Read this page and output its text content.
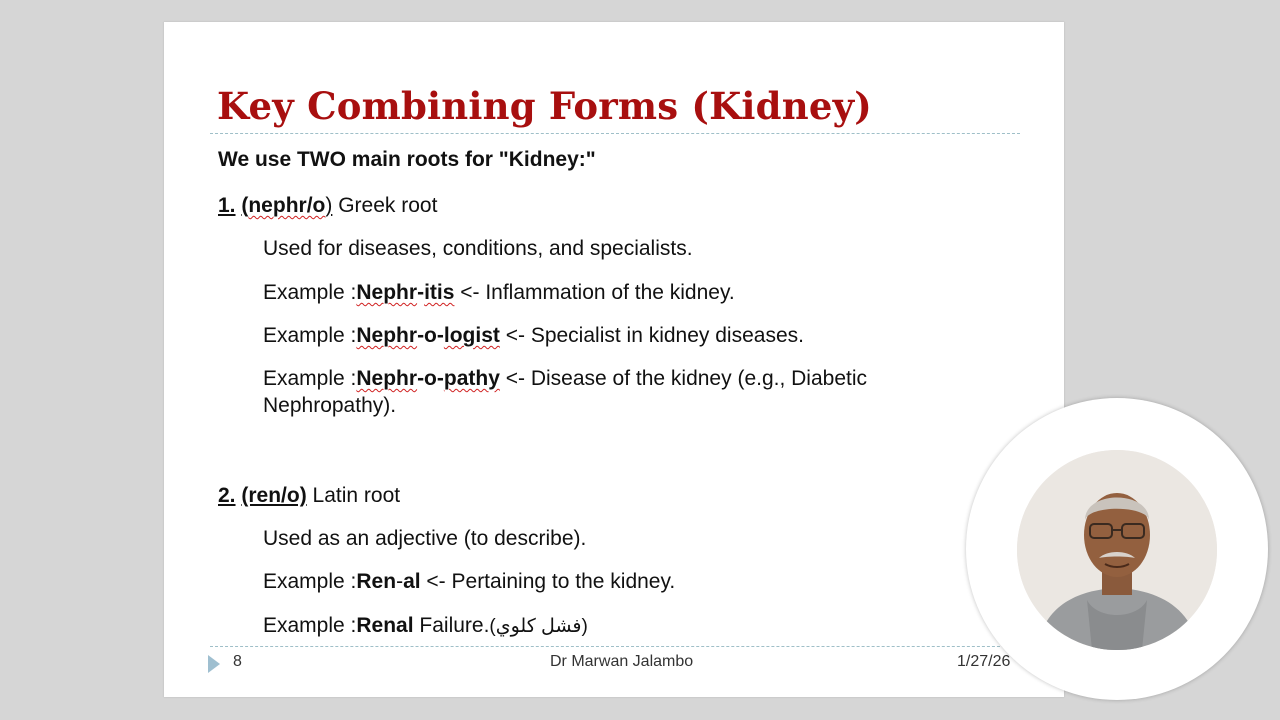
Key Combining Forms (Kidney)
We use TWO main roots for "Kidney:"
1. (nephr/o) Greek root
Used for diseases, conditions, and specialists.
Example :Nephr-itis <- Inflammation of the kidney.
Example :Nephr-o-logist <- Specialist in kidney diseases.
Example :Nephr-o-pathy <- Disease of the kidney (e.g., Diabetic
Nephropathy).
2. (ren/o) Latin root
Used as an adjective (to describe).
Example :Ren-al <- Pertaining to the kidney.
Example :Renal Failure.(فشل كلوي)
8	Dr Marwan Jalambo	1/27/26
